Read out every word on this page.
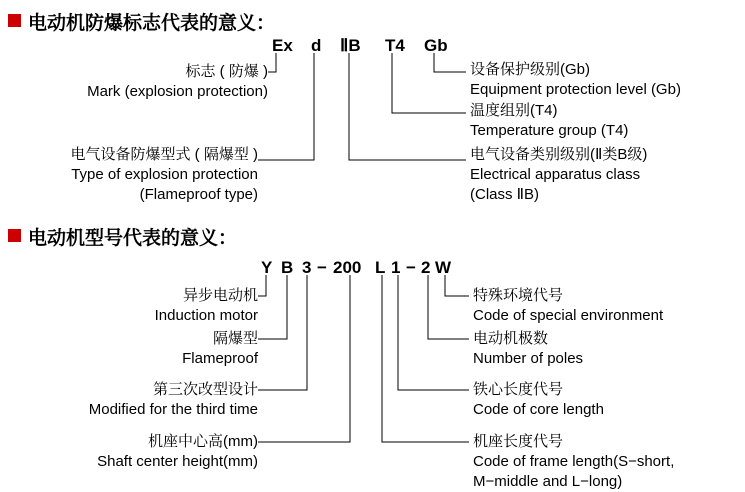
电动机防爆标志代表的意义：
Ex d ⅡB T4 Gb
标志 ( 防爆 )
Mark (explosion protection)
电气设备防爆型式 ( 隔爆型 )
Type of explosion protection
(Flameproof type)
设备保护级别(Gb)
Equipment protection level (Gb)
温度组别(T4)
Temperature group (T4)
电气设备类别级别(Ⅱ类B级)
Electrical apparatus class
(Class ⅡB)
电动机型号代表的意义：
Y B 3 − 200 L 1 − 2 W
异步电动机
Induction motor
隔爆型
Flameproof
第三次改型设计
Modified for the third time
机座中心高(mm)
Shaft center height(mm)
特殊环境代号
Code of special environment
电动机极数
Number of poles
铁心长度代号
Code of core length
机座长度代号
Code of frame length(S−short,
M−middle and L−long)
